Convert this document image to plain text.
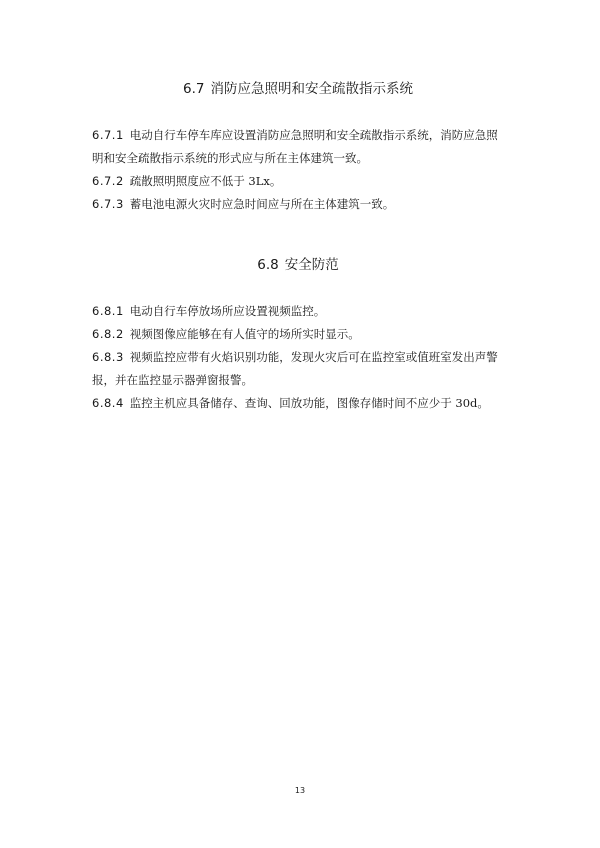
6.7 消防应急照明和安全疏散指示系统
6.7.1 电动自行车停车库应设置消防应急照明和安全疏散指示系统，消防应急照明和安全疏散指示系统的形式应与所在主体建筑一致。
6.7.2 疏散照明照度应不低于 3Lx。
6.7.3 蓄电池电源火灾时应急时间应与所在主体建筑一致。
6.8 安全防范
6.8.1 电动自行车停放场所应设置视频监控。
6.8.2 视频图像应能够在有人值守的场所实时显示。
6.8.3 视频监控应带有火焰识别功能，发现火灾后可在监控室或值班室发出声警报，并在监控显示器弹窗报警。
6.8.4 监控主机应具备储存、查询、回放功能，图像存储时间不应少于 30d。
13
